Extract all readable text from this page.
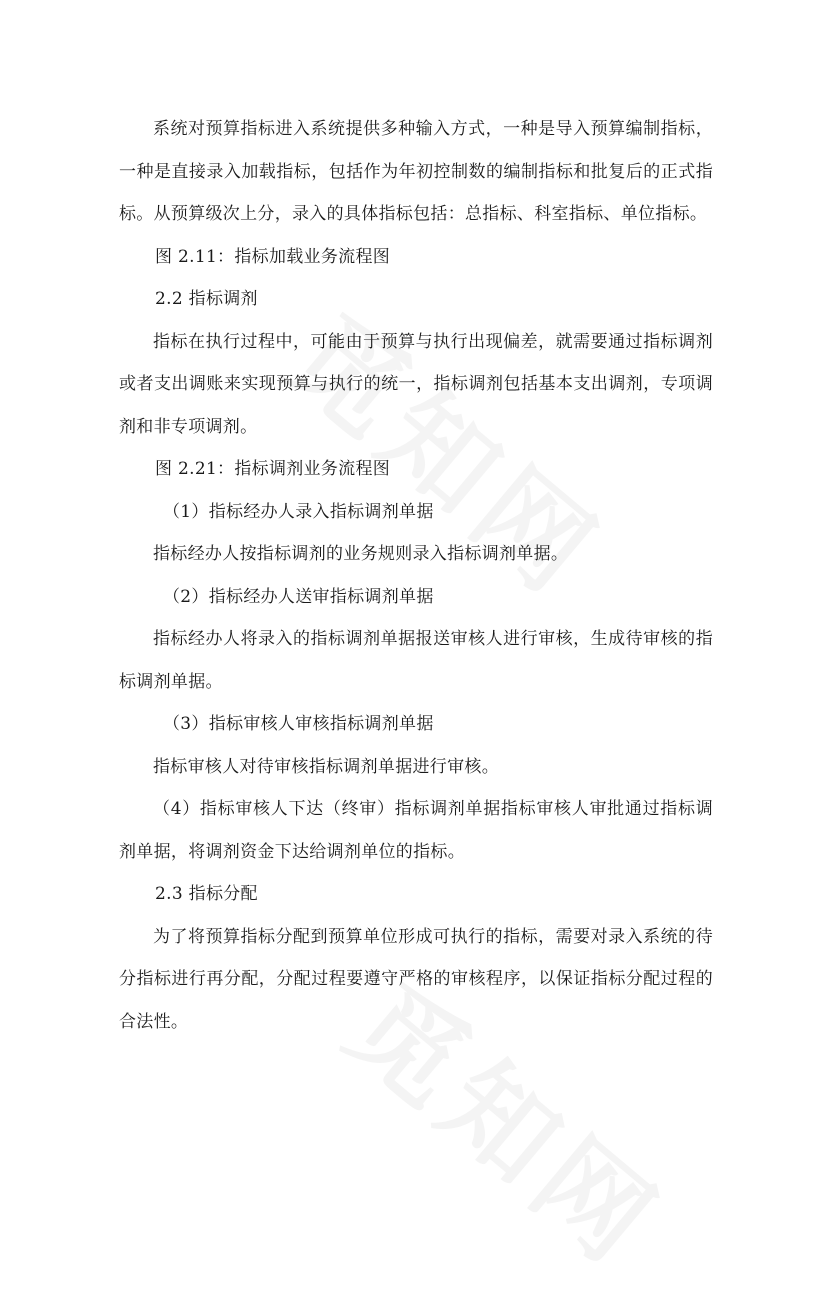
系统对预算指标进入系统提供多种输入方式，一种是导入预算编制指标，一种是直接录入加载指标，包括作为年初控制数的编制指标和批复后的正式指标。从预算级次上分，录入的具体指标包括：总指标、科室指标、单位指标。

图 2.11：指标加载业务流程图

2.2 指标调剂

指标在执行过程中，可能由于预算与执行出现偏差，就需要通过指标调剂或者支出调账来实现预算与执行的统一，指标调剂包括基本支出调剂，专项调剂和非专项调剂。

图 2.21：指标调剂业务流程图

（1）指标经办人录入指标调剂单据

指标经办人按指标调剂的业务规则录入指标调剂单据。

（2）指标经办人送审指标调剂单据

指标经办人将录入的指标调剂单据报送审核人进行审核，生成待审核的指标调剂单据。

（3）指标审核人审核指标调剂单据

指标审核人对待审核指标调剂单据进行审核。

（4）指标审核人下达（终审）指标调剂单据指标审核人审批通过指标调剂单据，将调剂资金下达给调剂单位的指标。

2.3 指标分配

为了将预算指标分配到预算单位形成可执行的指标，需要对录入系统的待分指标进行再分配，分配过程要遵守严格的审核程序，以保证指标分配过程的合法性。
